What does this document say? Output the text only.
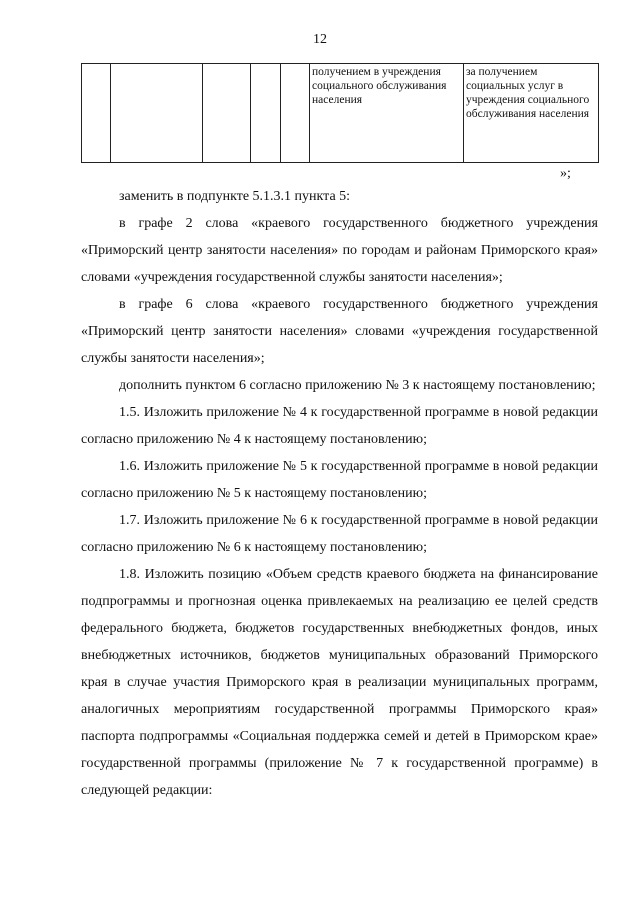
12
					получением в учреждения социального обслуживания населения	за получением социальных услуг в учреждения социального обслуживания населения
»;

заменить в подпункте 5.1.3.1 пункта 5:

в графе 2 слова «краевого государственного бюджетного учреждения «Приморский центр занятости населения» по городам и районам Приморского края» словами «учреждения государственной службы занятости населения»;

в графе 6 слова «краевого государственного бюджетного учреждения «Приморский центр занятости населения» словами «учреждения государственной службы занятости населения»;

дополнить пунктом 6 согласно приложению № 3 к настоящему постановлению;

1.5. Изложить приложение № 4 к государственной программе в новой редакции согласно приложению № 4 к настоящему постановлению;

1.6. Изложить приложение № 5 к государственной программе в новой редакции согласно приложению № 5 к настоящему постановлению;

1.7. Изложить приложение № 6 к государственной программе в новой редакции согласно приложению № 6 к настоящему постановлению;

1.8. Изложить позицию «Объем средств краевого бюджета на финансирование подпрограммы и прогнозная оценка привлекаемых на реализацию ее целей средств федерального бюджета, бюджетов государственных внебюджетных фондов, иных внебюджетных источников, бюджетов муниципальных образований Приморского края в случае участия Приморского края в реализации муниципальных программ, аналогичных мероприятиям государственной программы Приморского края» паспорта подпрограммы «Социальная поддержка семей и детей в Приморском крае» государственной программы (приложение № 7 к государственной программе) в следующей редакции:
